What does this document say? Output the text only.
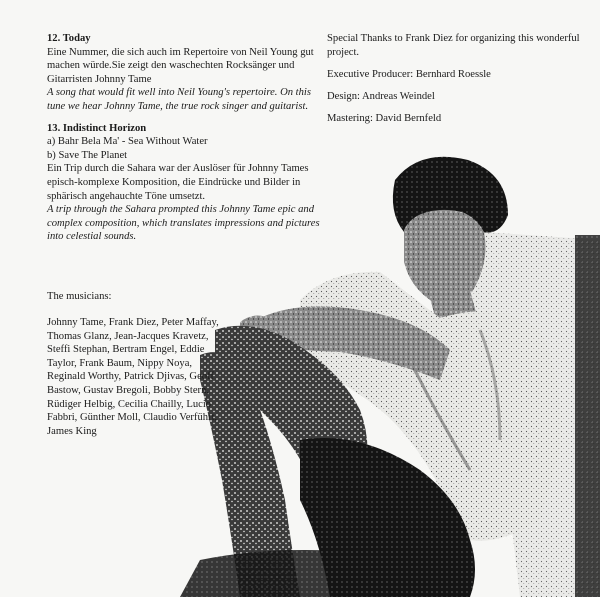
12. Today
Eine Nummer, die sich auch im Repertoire von Neil Young gut machen würde.Sie zeigt den waschechten Rocksänger und Gitarristen Johnny Tame
A song that would fit well into Neil Young's repertoire. On this tune we hear Johnny Tame, the true rock singer and guitarist.
13. Indistinct Horizon
a) Bahr Bela Ma' - Sea Without Water
b) Save The Planet
Ein Trip durch die Sahara war der Auslöser für Johnny Tames episch-komplexe Komposition, die Eindrücke und Bilder in sphärisch angehauchte Töne umsetzt.
A trip through the Sahara prompted this Johnny Tame epic and complex composition, which translates impressions and pictures into celestial sounds.
The musicians:
Johnny Tame, Frank Diez, Peter Maffay, Thomas Glanz, Jean-Jacques Kravetz, Steffi Stephan, Bertram Engel, Eddie Taylor, Frank Baum, Nippy Noya, Reginald Worthy, Patrick Djivas, Geoff Bastow, Gustav Bregoli, Bobby Stern, Rüdiger Helbig, Cecilia Chailly, Lucio Fabbri, Günther Moll, Claudio Verführt, James King

Special Thanks to Frank Diez for organizing this wonderful project.

Executive Producer: Bernhard Roessle

Design: Andreas Weindel

Mastering: David Bernfeld
